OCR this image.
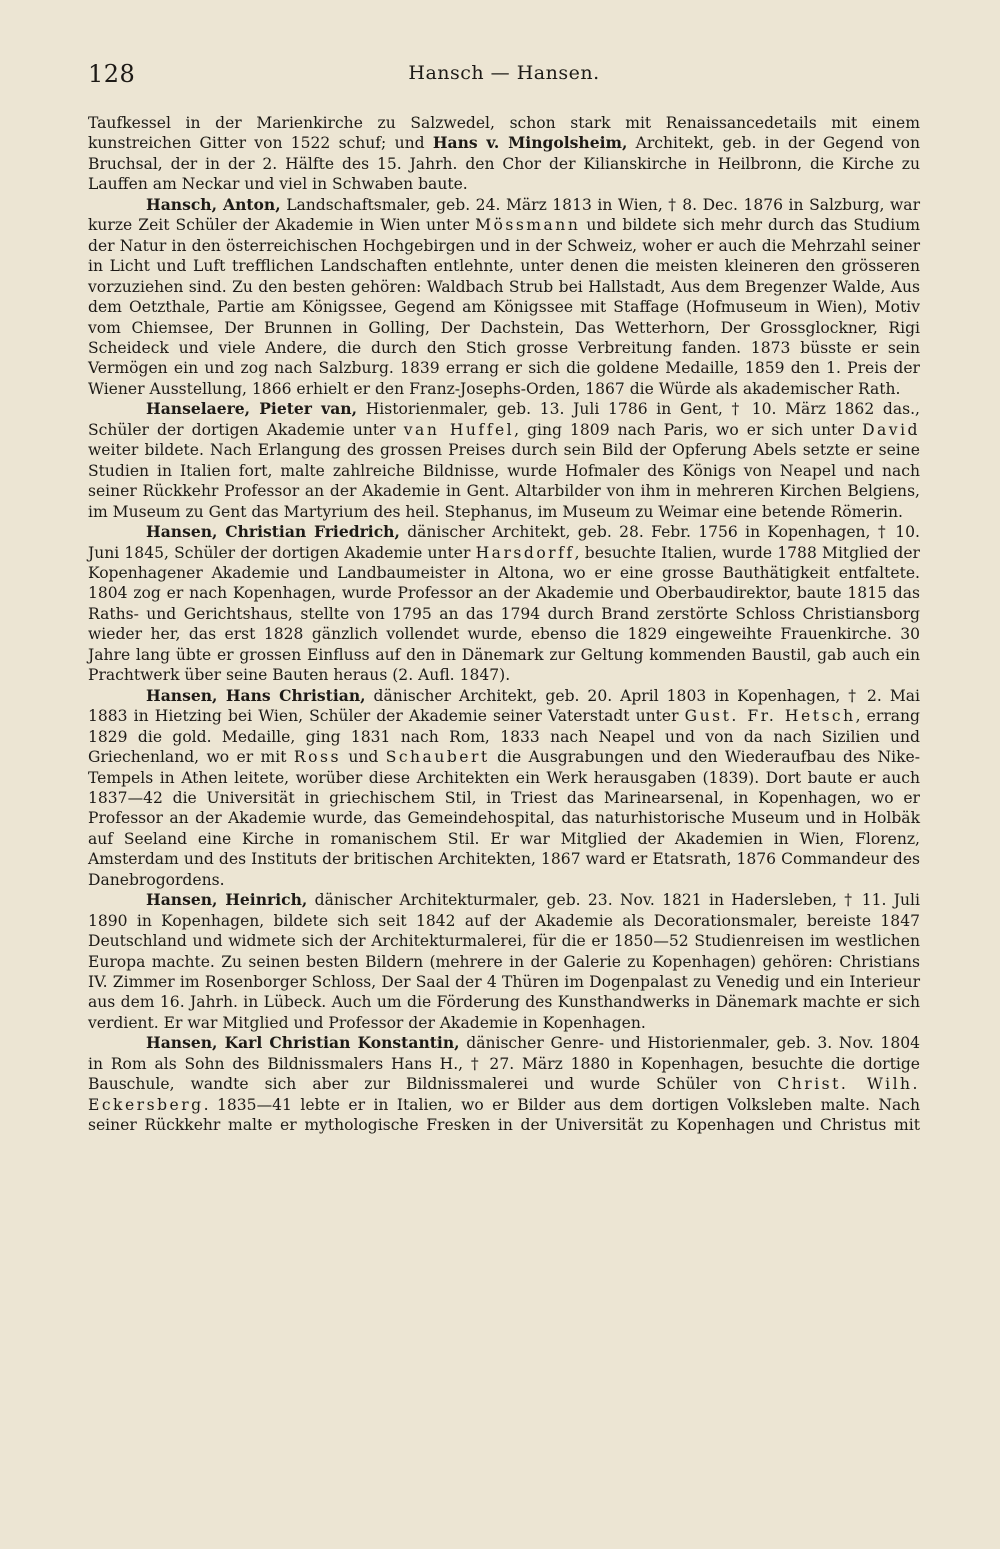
128	Hansch — Hansen.

Taufkessel in der Marienkirche zu Salzwedel, schon stark mit Renaissancedetails mit einem kunstreichen Gitter von 1522 schuf; und Hans v. Mingolsheim, Architekt, geb. in der Gegend von Bruchsal, der in der 2. Hälfte des 15. Jahrh. den Chor der Kilianskirche in Heilbronn, die Kirche zu Lauffen am Neckar und viel in Schwaben baute.

Hansch, Anton, Landschaftsmaler, geb. 24. März 1813 in Wien, † 8. Dec. 1876 in Salzburg, war kurze Zeit Schüler der Akademie in Wien unter Mössmann und bildete sich mehr durch das Studium der Natur in den österreichischen Hochgebirgen und in der Schweiz, woher er auch die Mehrzahl seiner in Licht und Luft trefflichen Landschaften entlehnte, unter denen die meisten kleineren den grösseren vorzuziehen sind. Zu den besten gehören: Waldbach Strub bei Hallstadt, Aus dem Bregenzer Walde, Aus dem Oetzthale, Partie am Königssee, Gegend am Königssee mit Staffage (Hofmuseum in Wien), Motiv vom Chiemsee, Der Brunnen in Golling, Der Dachstein, Das Wetterhorn, Der Grossglockner, Rigi Scheideck und viele Andere, die durch den Stich grosse Verbreitung fanden. 1873 büsste er sein Vermögen ein und zog nach Salzburg. 1839 errang er sich die goldene Medaille, 1859 den 1. Preis der Wiener Ausstellung, 1866 erhielt er den Franz-Josephs-Orden, 1867 die Würde als akademischer Rath.

Hanselaere, Pieter van, Historienmaler, geb. 13. Juli 1786 in Gent, † 10. März 1862 das., Schüler der dortigen Akademie unter van Huffel, ging 1809 nach Paris, wo er sich unter David weiter bildete. Nach Erlangung des grossen Preises durch sein Bild der Opferung Abels setzte er seine Studien in Italien fort, malte zahlreiche Bildnisse, wurde Hofmaler des Königs von Neapel und nach seiner Rückkehr Professor an der Akademie in Gent. Altarbilder von ihm in mehreren Kirchen Belgiens, im Museum zu Gent das Martyrium des heil. Stephanus, im Museum zu Weimar eine betende Römerin.

Hansen, Christian Friedrich, dänischer Architekt, geb. 28. Febr. 1756 in Kopenhagen, † 10. Juni 1845, Schüler der dortigen Akademie unter Harsdorff, besuchte Italien, wurde 1788 Mitglied der Kopenhagener Akademie und Landbaumeister in Altona, wo er eine grosse Bauthätigkeit entfaltete. 1804 zog er nach Kopenhagen, wurde Professor an der Akademie und Oberbaudirektor, baute 1815 das Raths- und Gerichtshaus, stellte von 1795 an das 1794 durch Brand zerstörte Schloss Christiansborg wieder her, das erst 1828 gänzlich vollendet wurde, ebenso die 1829 eingeweihte Frauenkirche. 30 Jahre lang übte er grossen Einfluss auf den in Dänemark zur Geltung kommenden Baustil, gab auch ein Prachtwerk über seine Bauten heraus (2. Aufl. 1847).

Hansen, Hans Christian, dänischer Architekt, geb. 20. April 1803 in Kopenhagen, † 2. Mai 1883 in Hietzing bei Wien, Schüler der Akademie seiner Vaterstadt unter Gust. Fr. Hetsch, errang 1829 die gold. Medaille, ging 1831 nach Rom, 1833 nach Neapel und von da nach Sizilien und Griechenland, wo er mit Ross und Schaubert die Ausgrabungen und den Wiederaufbau des Nike-Tempels in Athen leitete, worüber diese Architekten ein Werk herausgaben (1839). Dort baute er auch 1837—42 die Universität in griechischem Stil, in Triest das Marinearsenal, in Kopenhagen, wo er Professor an der Akademie wurde, das Gemeindehospital, das naturhistorische Museum und in Holbäk auf Seeland eine Kirche in romanischem Stil. Er war Mitglied der Akademien in Wien, Florenz, Amsterdam und des Instituts der britischen Architekten, 1867 ward er Etatsrath, 1876 Commandeur des Danebrogordens.

Hansen, Heinrich, dänischer Architekturmaler, geb. 23. Nov. 1821 in Hadersleben, † 11. Juli 1890 in Kopenhagen, bildete sich seit 1842 auf der Akademie als Decorationsmaler, bereiste 1847 Deutschland und widmete sich der Architekturmalerei, für die er 1850—52 Studienreisen im westlichen Europa machte. Zu seinen besten Bildern (mehrere in der Galerie zu Kopenhagen) gehören: Christians IV. Zimmer im Rosenborger Schloss, Der Saal der 4 Thüren im Dogenpalast zu Venedig und ein Interieur aus dem 16. Jahrh. in Lübeck. Auch um die Förderung des Kunsthandwerks in Dänemark machte er sich verdient. Er war Mitglied und Professor der Akademie in Kopenhagen.

Hansen, Karl Christian Konstantin, dänischer Genre- und Historienmaler, geb. 3. Nov. 1804 in Rom als Sohn des Bildnissmalers Hans H., † 27. März 1880 in Kopenhagen, besuchte die dortige Bauschule, wandte sich aber zur Bildnissmalerei und wurde Schüler von Christ. Wilh. Eckersberg. 1835—41 lebte er in Italien, wo er Bilder aus dem dortigen Volksleben malte. Nach seiner Rückkehr malte er mythologische Fresken in der Universität zu Kopenhagen und Christus mit
